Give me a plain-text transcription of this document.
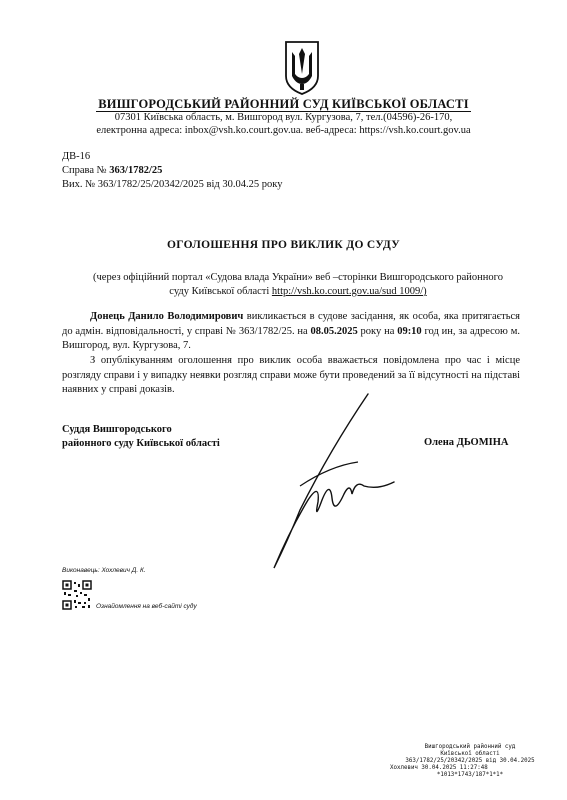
ВИШГОРОДСЬКИЙ РАЙОННИЙ СУД КИЇВСЬКОЇ ОБЛАСТІ
07301 Київська область, м. Вишгород вул. Кургузова, 7, тел.(04596)-26-170,
електронна адреса: inbox@vsh.ko.court.gov.ua. веб-адреса: https://vsh.ko.court.gov.ua
ДВ-16
Справа № 363/1782/25
Вих. № 363/1782/25/20342/2025 від 30.04.25 року
ОГОЛОШЕННЯ ПРО ВИКЛИК ДО СУДУ
(через офіційний портал «Судова влада України» веб –сторінки Вишгородського районного суду Київської області http://vsh.ko.court.gov.ua/sud 1009/)
Донець Данило Володимирович викликається в судове засідання, як особа, яка притягається до адмін. відповідальності, у справі № 363/1782/25. на 08.05.2025 року на 09:10 год ин, за адресою м. Вишгород, вул. Кургузова, 7.
З опублікуванням оголошення про виклик особа вважається повідомлена про час і місце розгляду справи і у випадку неявки розгляд справи може бути проведений за її відсутності на підставі наявних у справі доказів.
Суддя Вишгородського
районного суду Київської області	Олена ДЬОМІНА
Виконавець: Хохлевич Д. К.
Ознайомлення на веб-сайті суду
Вишгородський районний суд
Київської області
363/1782/25/20342/2025 від 30.04.2025
Хохлевич 30.04.2025 11:27:48
*1013*1743/187*1*1*
